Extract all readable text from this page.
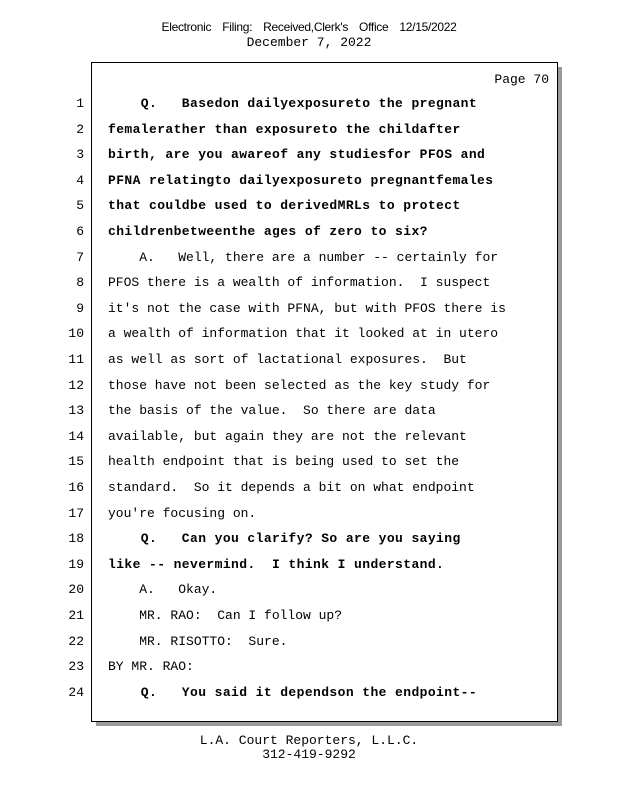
Electronic Filing: Received,Clerk's Office 12/15/2022
December 7, 2022
Page 70
1 Q.   Basedon dailyexposureto the pregnant
2 femalerather than exposureto the childafter
3 birth, are you awareof any studiesfor PFOS and
4 PFNA relatingto dailyexposureto pregnantfemales
5 that couldbe used to derivedMRLs to protect
6 childrenbetweenthe ages of zero to six?
7 A.   Well, there are a number -- certainly for
8 PFOS there is a wealth of information.  I suspect
9 it's not the case with PFNA, but with PFOS there is
10 a wealth of information that it looked at in utero
11 as well as sort of lactational exposures.  But
12 those have not been selected as the key study for
13 the basis of the value.  So there are data
14 available, but again they are not the relevant
15 health endpoint that is being used to set the
16 standard.  So it depends a bit on what endpoint
17 you're focusing on.
18 Q.   Can you clarify? So are you saying
19 like -- nevermind.  I think I understand.
20 A.   Okay.
21 MR. RAO:  Can I follow up?
22 MR. RISOTTO:  Sure.
23 BY MR. RAO:
24 Q.   You said it dependson the endpoint--
L.A. Court Reporters, L.L.C.
312-419-9292
